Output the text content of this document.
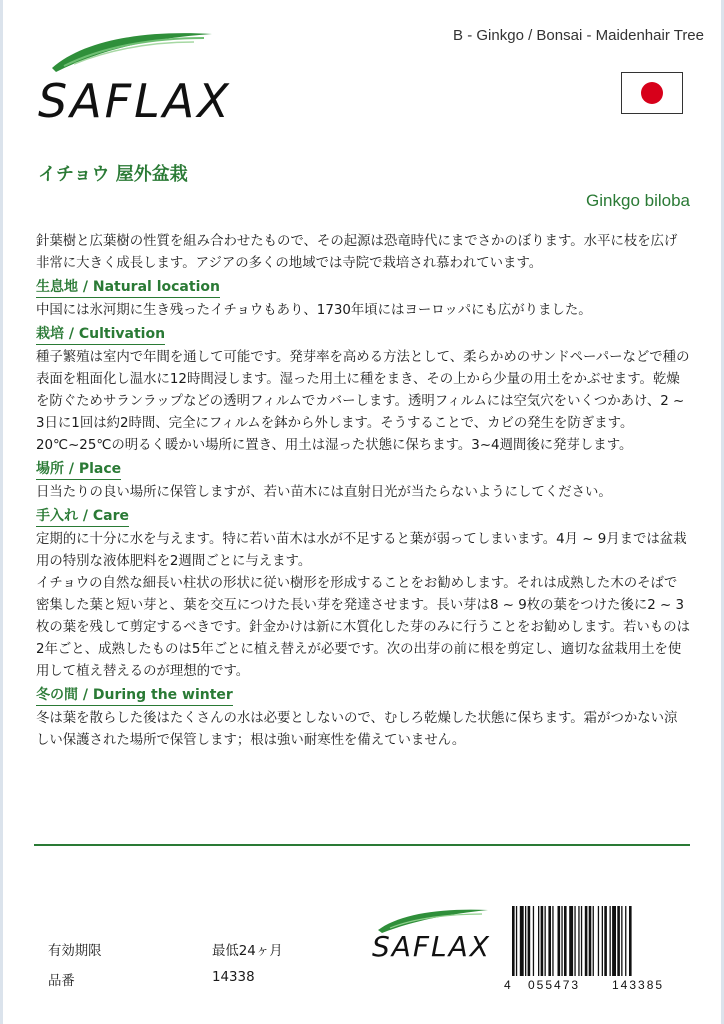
SAFLAX
B - Ginkgo / Bonsai - Maidenhair Tree
イチョウ 屋外盆栽
Ginkgo biloba

針葉樹と広葉樹の性質を組み合わせたもので、その起源は恐竜時代にまでさかのぼります。水平に枝を広げ非常に大きく成長します。アジアの多くの地域では寺院で栽培され慕われています。

生息地 / Natural location

中国には氷河期に生き残ったイチョウもあり、1730年頃にはヨーロッパにも広がりました。

栽培 / Cultivation

種子繁殖は室内で年間を通して可能です。発芽率を高める方法として、柔らかめのサンドペーパーなどで種の表面を粗面化し温水に12時間浸します。湿った用土に種をまき、その上から少量の用土をかぶせます。乾燥を防ぐためサランラップなどの透明フィルムでカバーします。透明フィルムには空気穴をいくつかあけ、2 ~ 3日に1回は約2時間、完全にフィルムを鉢から外します。そうすることで、カビの発生を防ぎます。20℃~25℃の明るく暖かい場所に置き、用土は湿った状態に保ちます。3~4週間後に発芽します。

場所 / Place

日当たりの良い場所に保管しますが、若い苗木には直射日光が当たらないようにしてください。

手入れ / Care

定期的に十分に水を与えます。特に若い苗木は水が不足すると葉が弱ってしまいます。4月 ~ 9月までは盆栽用の特別な液体肥料を2週間ごとに与えます。

イチョウの自然な細長い柱状の形状に従い樹形を形成することをお勧めします。それは成熟した木のそばで密集した葉と短い芽と、葉を交互につけた長い芽を発達させます。長い芽は8 ~ 9枚の葉をつけた後に2 ~ 3枚の葉を残して剪定するべきです。針金かけは新に木質化した芽のみに行うことをお勧めします。若いものは2年ごと、成熟したものは5年ごとに植え替えが必要です。次の出芽の前に根を剪定し、適切な盆栽用土を使用して植え替えるのが理想的です。

冬の間 / During the winter

冬は葉を散らした後はたくさんの水は必要としないので、むしろ乾燥した状態に保ちます。霜がつかない涼しい保護された場所で保管します；根は強い耐寒性を備えていません。

有効期限	最低24ヶ月
品番	14338
SAFLAX
4 055473	143385
